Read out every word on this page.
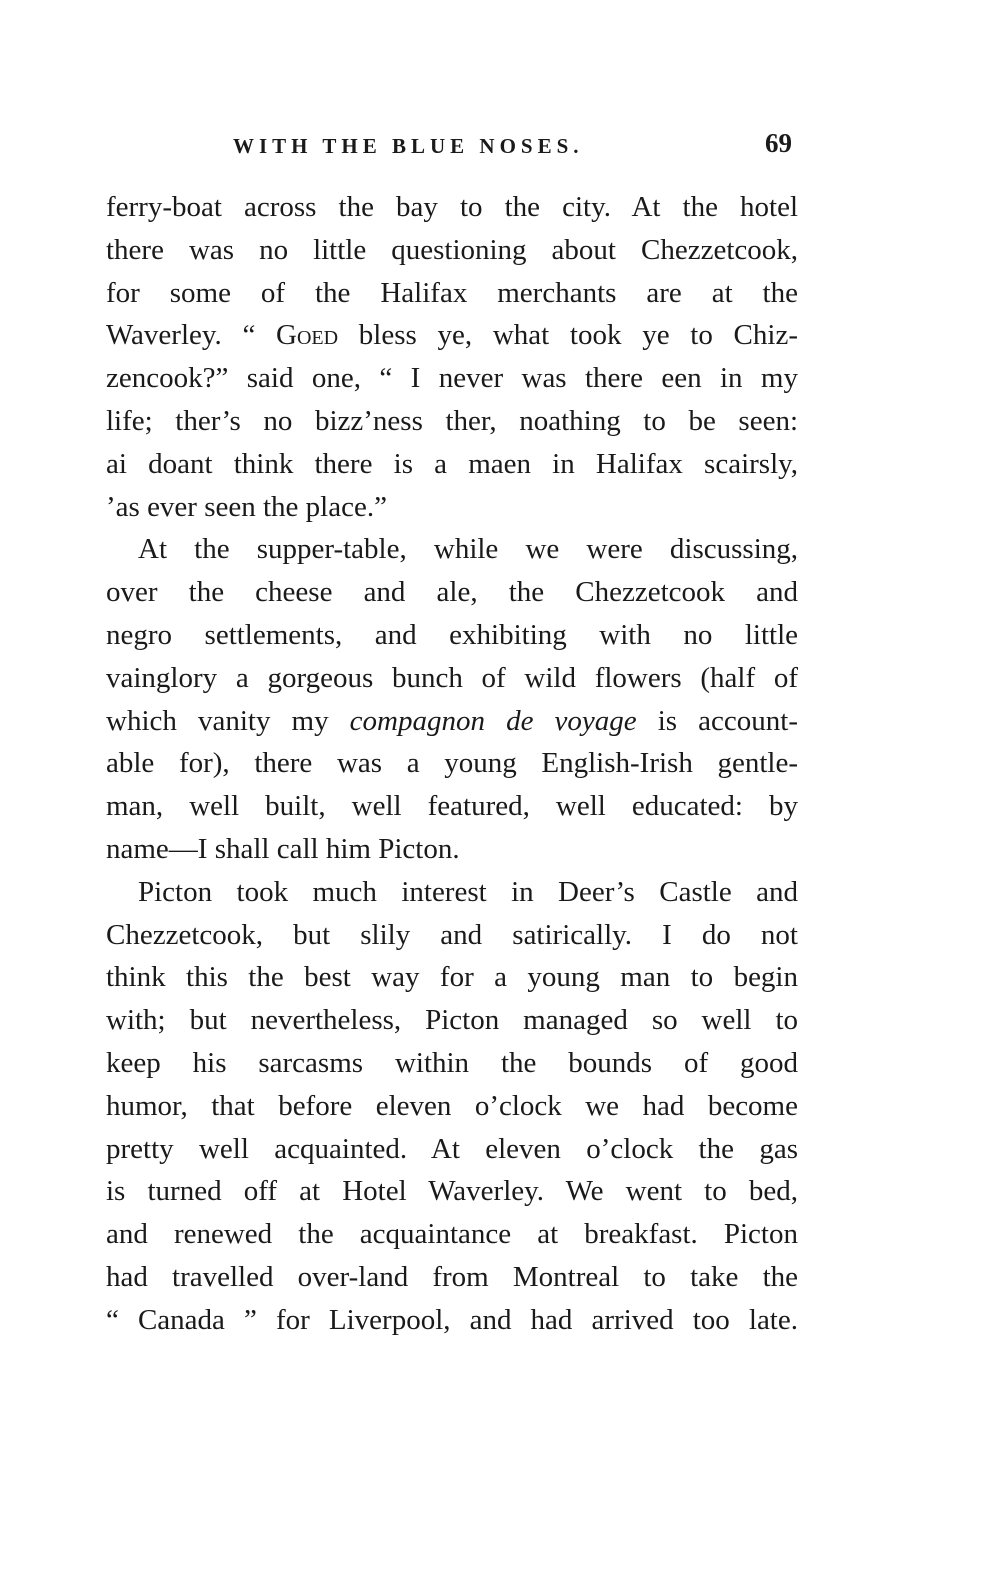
WITH THE BLUE NOSES.	69
ferry-boat across the bay to the city. At the hotel
there was no little questioning about Chezzetcook,
for some of the Halifax merchants are at the
Waverley. “ Goed bless ye, what took ye to Chiz-
zencook?” said one, “ I never was there een in my
life; ther’s no bizz’ness ther, noathing to be seen:
ai doant think there is a maen in Halifax scairsly,
’as ever seen the place.”
At the supper-table, while we were discussing,
over the cheese and ale, the Chezzetcook and
negro settlements, and exhibiting with no little
vainglory a gorgeous bunch of wild flowers (half of
which vanity my compagnon de voyage is account-
able for), there was a young English-Irish gentle-
man, well built, well featured, well educated: by
name—I shall call him Picton.
Picton took much interest in Deer’s Castle and
Chezzetcook, but slily and satirically. I do not
think this the best way for a young man to begin
with; but nevertheless, Picton managed so well to
keep his sarcasms within the bounds of good
humor, that before eleven o’clock we had become
pretty well acquainted. At eleven o’clock the gas
is turned off at Hotel Waverley. We went to bed,
and renewed the acquaintance at breakfast. Picton
had travelled over-land from Montreal to take the
“ Canada ” for Liverpool, and had arrived too late.
